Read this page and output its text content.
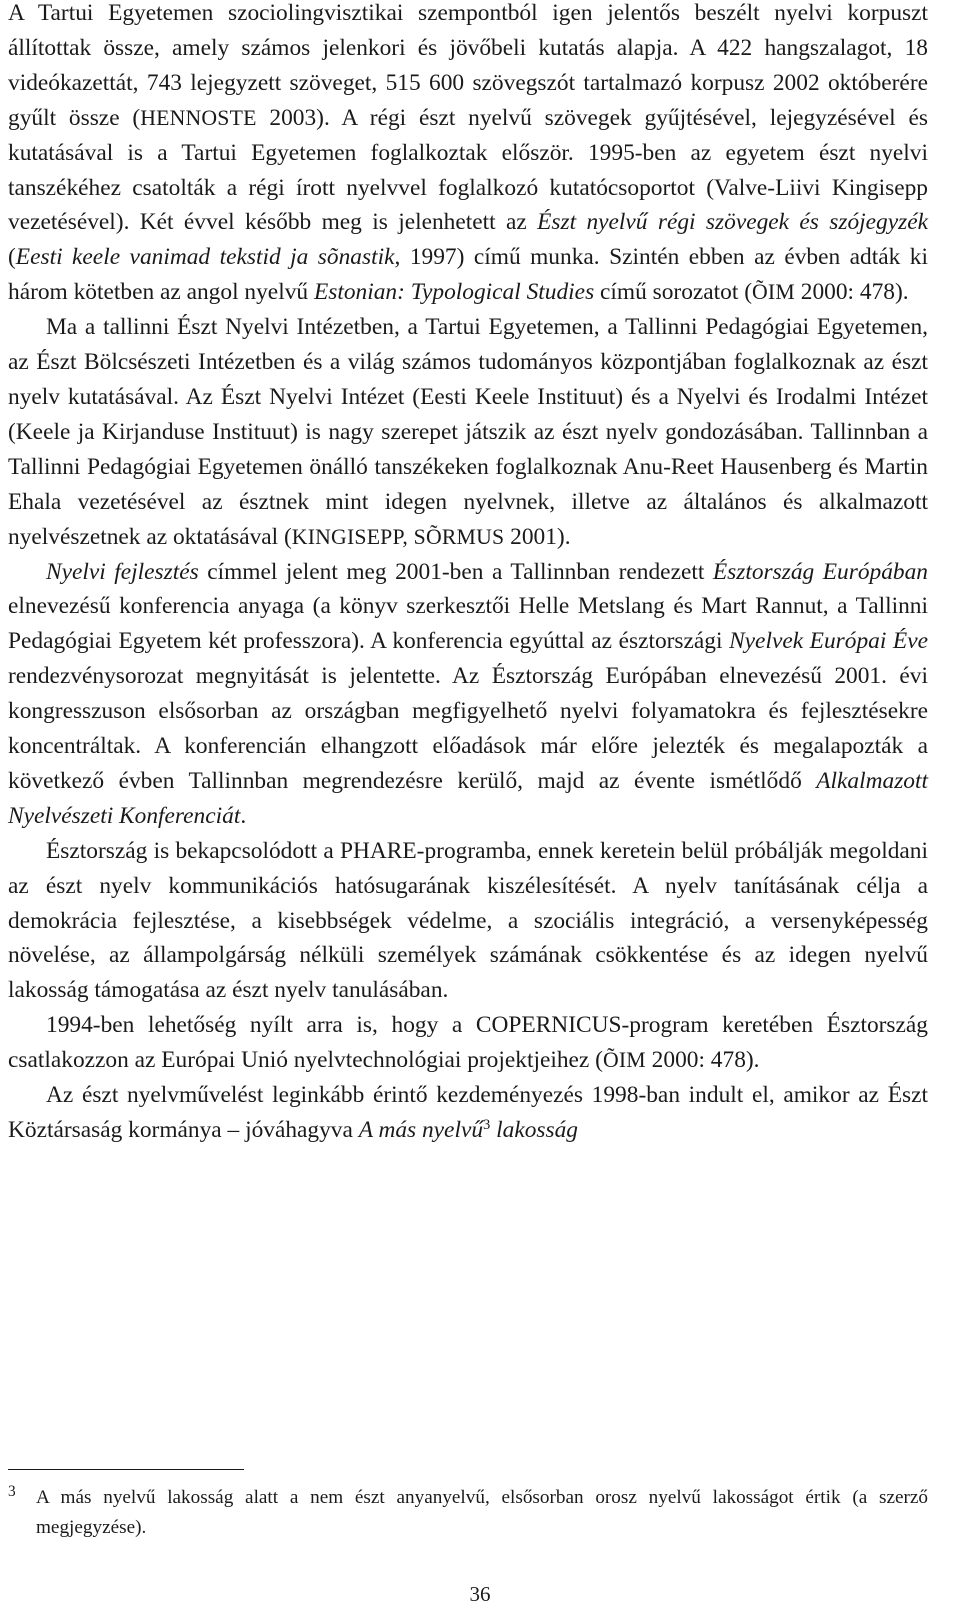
A Tartui Egyetemen szociolingvisztikai szempontból igen jelentős beszélt nyelvi korpuszt állítottak össze, amely számos jelenkori és jövőbeli kutatás alapja. A 422 hangszalagot, 18 videókazettát, 743 lejegyzett szöveget, 515 600 szövegszót tartalmazó korpusz 2002 októberére gyűlt össze (HENNOSTE 2003). A régi észt nyelvű szövegek gyűjtésével, lejegyzésével és kutatásával is a Tartui Egyetemen foglalkoztak először. 1995-ben az egyetem észt nyelvi tanszékéhez csatolták a régi írott nyelvvel foglalkozó kutatócsoportot (Valve-Liivi Kingisepp vezetésével). Két évvel később meg is jelenhetett az Észt nyelvű régi szövegek és szójegyzék (Eesti keele vanimad tekstid ja sõnastik, 1997) című munka. Szintén ebben az évben adták ki három kötetben az angol nyelvű Estonian: Typological Studies című sorozatot (ÕIM 2000: 478).

Ma a tallinni Észt Nyelvi Intézetben, a Tartui Egyetemen, a Tallinni Pedagógiai Egyetemen, az Észt Bölcsészeti Intézetben és a világ számos tudományos központjában foglalkoznak az észt nyelv kutatásával. Az Észt Nyelvi Intézet (Eesti Keele Instituut) és a Nyelvi és Irodalmi Intézet (Keele ja Kirjanduse Instituut) is nagy szerepet játszik az észt nyelv gondozásában. Tallinnban a Tallinni Pedagógiai Egyetemen önálló tanszékeken foglalkoznak Anu-Reet Hausenberg és Martin Ehala vezetésével az észtnek mint idegen nyelvnek, illetve az általános és alkalmazott nyelvészetnek az oktatásával (KINGISEPP, SÕRMUS 2001).

Nyelvi fejlesztés címmel jelent meg 2001-ben a Tallinnban rendezett Észtország Európában elnevezésű konferencia anyaga (a könyv szerkesztői Helle Metslang és Mart Rannut, a Tallinni Pedagógiai Egyetem két professzora). A konferencia egyúttal az észtországi Nyelvek Európai Éve rendezvénysorozat megnyitását is jelentette. Az Észtország Európában elnevezésű 2001. évi kongresszuson elsősorban az országban megfigyelhető nyelvi folyamatokra és fejlesztésekre koncentráltak. A konferencián elhangzott előadások már előre jelezték és megalapozták a következő évben Tallinnban megrendezésre kerülő, majd az évente ismétlődő Alkalmazott Nyelvészeti Konferenciát.

Észtország is bekapcsolódott a PHARE-programba, ennek keretein belül próbálják megoldani az észt nyelv kommunikációs hatósugarának kiszélesítését. A nyelv tanításának célja a demokrácia fejlesztése, a kisebbségek védelme, a szociális integráció, a versenyképesség növelése, az állampolgárság nélküli személyek számának csökkentése és az idegen nyelvű lakosság támogatása az észt nyelv tanulásában.

1994-ben lehetőség nyílt arra is, hogy a COPERNICUS-program keretében Észtország csatlakozzon az Európai Unió nyelvtechnológiai projektjeihez (ÕIM 2000: 478).

Az észt nyelvművelést leginkább érintő kezdeményezés 1998-ban indult el, amikor az Észt Köztársaság kormánya – jóváhagyva A más nyelvű$^3$ lakosság

3 A más nyelvű lakosság alatt a nem észt anyanyelvű, elsősorban orosz nyelvű lakosságot értik (a szerző megjegyzése).
36
